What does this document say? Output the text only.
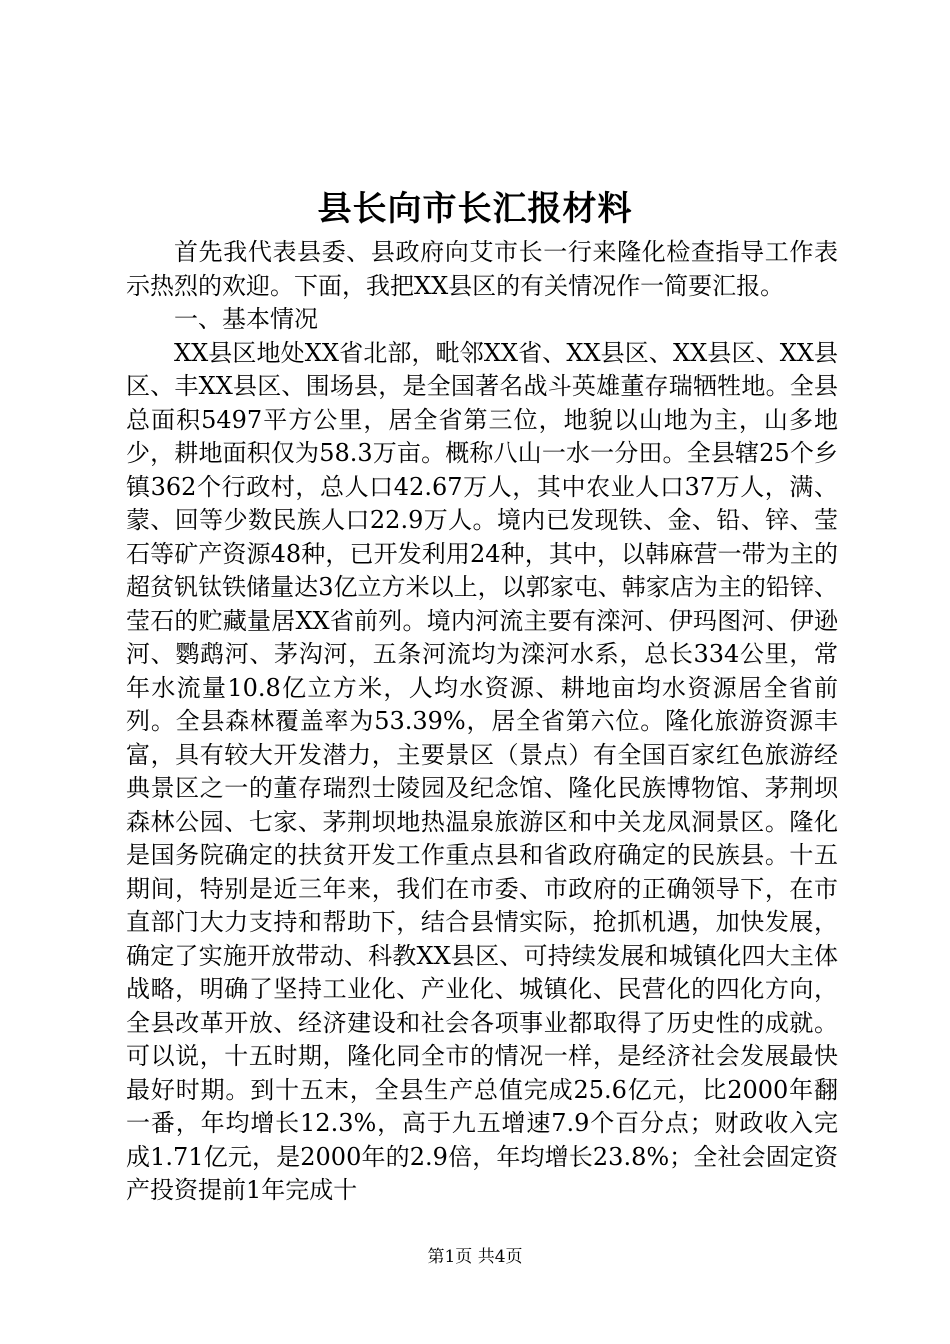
县长向市长汇报材料

首先我代表县委、县政府向艾市长一行来隆化检查指导工作表示热烈的欢迎。下面，我把XX县区的有关情况作一简要汇报。

一、基本情况

XX县区地处XX省北部，毗邻XX省、XX县区、XX县区、XX县区、丰XX县区、围场县，是全国著名战斗英雄董存瑞牺牲地。全县总面积5497平方公里，居全省第三位，地貌以山地为主，山多地少，耕地面积仅为58.3万亩。概称八山一水一分田。全县辖25个乡镇362个行政村，总人口42.67万人，其中农业人口37万人，满、蒙、回等少数民族人口22.9万人。境内已发现铁、金、铅、锌、莹石等矿产资源48种，已开发利用24种，其中，以韩麻营一带为主的超贫钒钛铁储量达3亿立方米以上，以郭家屯、韩家店为主的铅锌、莹石的贮藏量居XX省前列。境内河流主要有滦河、伊玛图河、伊逊河、鹦鹉河、茅沟河，五条河流均为滦河水系，总长334公里，常年水流量10.8亿立方米，人均水资源、耕地亩均水资源居全省前列。全县森林覆盖率为53.39%，居全省第六位。隆化旅游资源丰富，具有较大开发潜力，主要景区（景点）有全国百家红色旅游经典景区之一的董存瑞烈士陵园及纪念馆、隆化民族博物馆、茅荆坝森林公园、七家、茅荆坝地热温泉旅游区和中关龙凤洞景区。隆化是国务院确定的扶贫开发工作重点县和省政府确定的民族县。十五期间，特别是近三年来，我们在市委、市政府的正确领导下，在市直部门大力支持和帮助下，结合县情实际，抢抓机遇，加快发展，确定了实施开放带动、科教XX县区、可持续发展和城镇化四大主体战略，明确了坚持工业化、产业化、城镇化、民营化的四化方向，全县改革开放、经济建设和社会各项事业都取得了历史性的成就。可以说，十五时期，隆化同全市的情况一样，是经济社会发展最快最好时期。到十五末，全县生产总值完成25.6亿元，比2000年翻一番，年均增长12.3%，高于九五增速7.9个百分点；财政收入完成1.71亿元，是2000年的2.9倍，年均增长23.8%；全社会固定资产投资提前1年完成十

第1页 共4页
